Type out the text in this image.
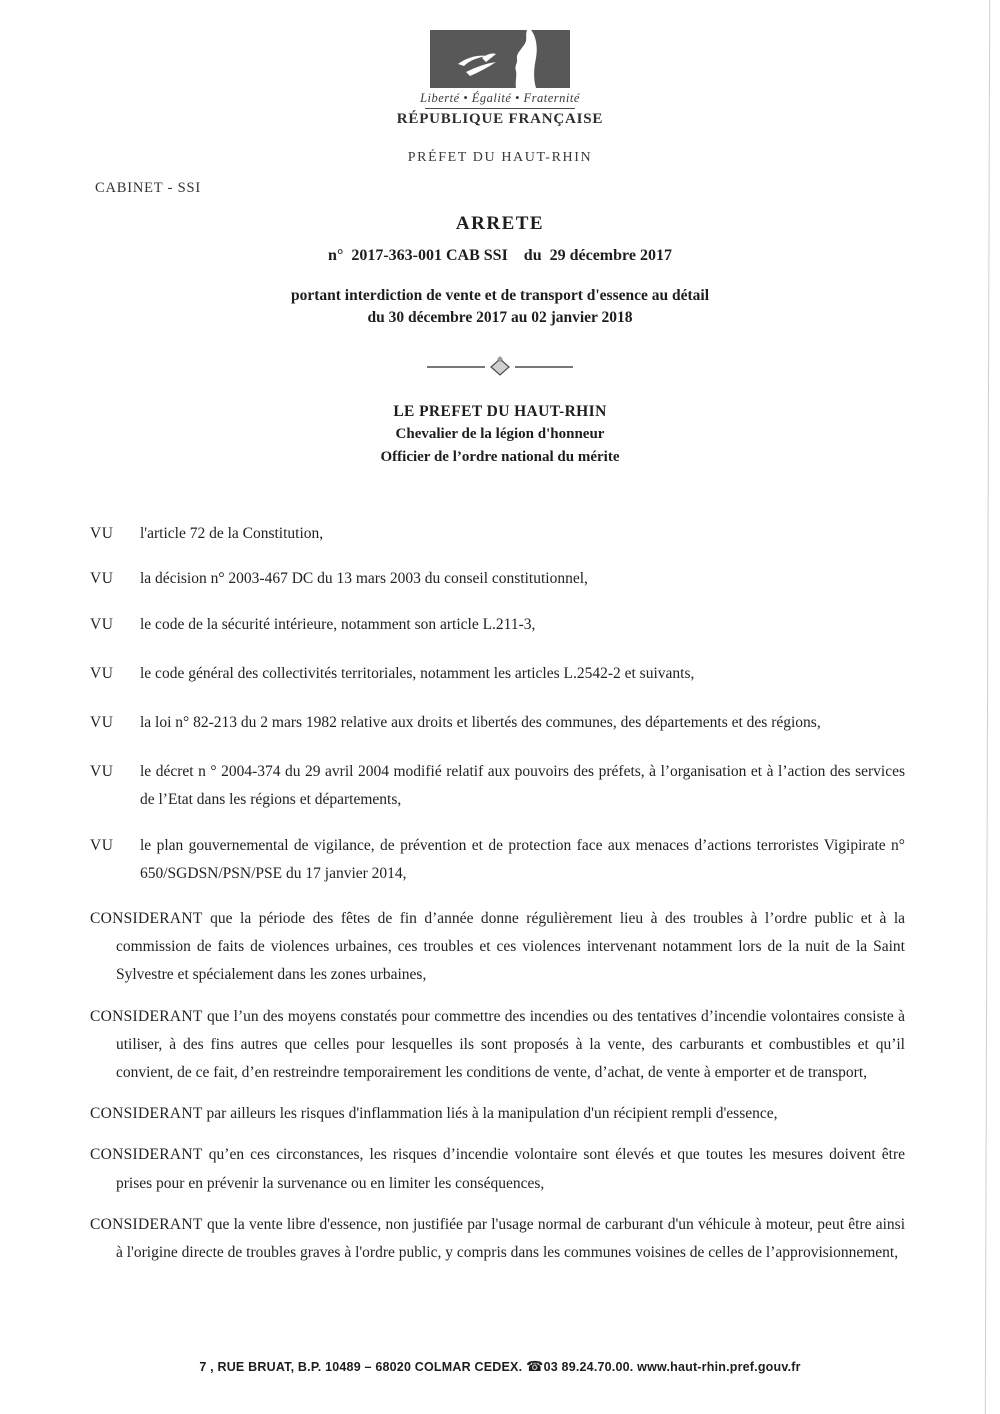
Liberté • Égalité • Fraternité
RÉPUBLIQUE FRANÇAISE
PRÉFET DU HAUT-RHIN
CABINET - SSI
ARRETE
n°  2017-363-001 CAB SSI    du  29 décembre 2017
portant interdiction de vente et de transport d'essence au détail
du 30 décembre 2017 au 02 janvier 2018
LE PREFET DU HAUT-RHIN
Chevalier de la légion d'honneur
Officier de l’ordre national du mérite
VU	l'article 72 de la Constitution,
VU	la décision n° 2003-467 DC du 13 mars 2003 du conseil constitutionnel,
VU	le code de la sécurité intérieure, notamment son article L.211-3,
VU	le code général des collectivités territoriales, notamment les articles L.2542-2 et suivants,
VU	la loi n° 82-213 du 2 mars 1982 relative aux droits et libertés des communes, des départements et des régions,
VU	le décret n ° 2004-374 du 29 avril 2004 modifié relatif aux pouvoirs des préfets, à l’organisation et à l’action des services de l’Etat dans les régions et départements,
VU	le plan gouvernemental de vigilance, de prévention et de protection face aux menaces d’actions terroristes Vigipirate n° 650/SGDSN/PSN/PSE du 17 janvier 2014,

CONSIDERANT que la période des fêtes de fin d’année donne régulièrement lieu à des troubles à l’ordre public et à la commission de faits de violences urbaines, ces troubles et ces violences intervenant notamment lors de la nuit de la Saint Sylvestre et spécialement dans les zones urbaines,

CONSIDERANT que l’un des moyens constatés pour commettre des incendies ou des tentatives d’incendie volontaires consiste à utiliser, à des fins autres que celles pour lesquelles ils sont proposés à la vente, des carburants et combustibles et qu’il convient, de ce fait, d’en restreindre temporairement les conditions de vente, d’achat, de vente à emporter et de transport,

CONSIDERANT par ailleurs les risques d'inflammation liés à la manipulation d'un récipient rempli d'essence,

CONSIDERANT qu’en ces circonstances, les risques d’incendie volontaire sont élevés et que toutes les mesures doivent être prises pour en prévenir la survenance ou en limiter les conséquences,

CONSIDERANT que la vente libre d'essence, non justifiée par l'usage normal de carburant d'un véhicule à moteur, peut être ainsi à l'origine directe de troubles graves à l'ordre public, y compris dans les communes voisines de celles de l’approvisionnement,

7 , RUE BRUAT, B.P. 10489 – 68020 COLMAR CEDEX. ☎03 89.24.70.00. www.haut-rhin.pref.gouv.fr
